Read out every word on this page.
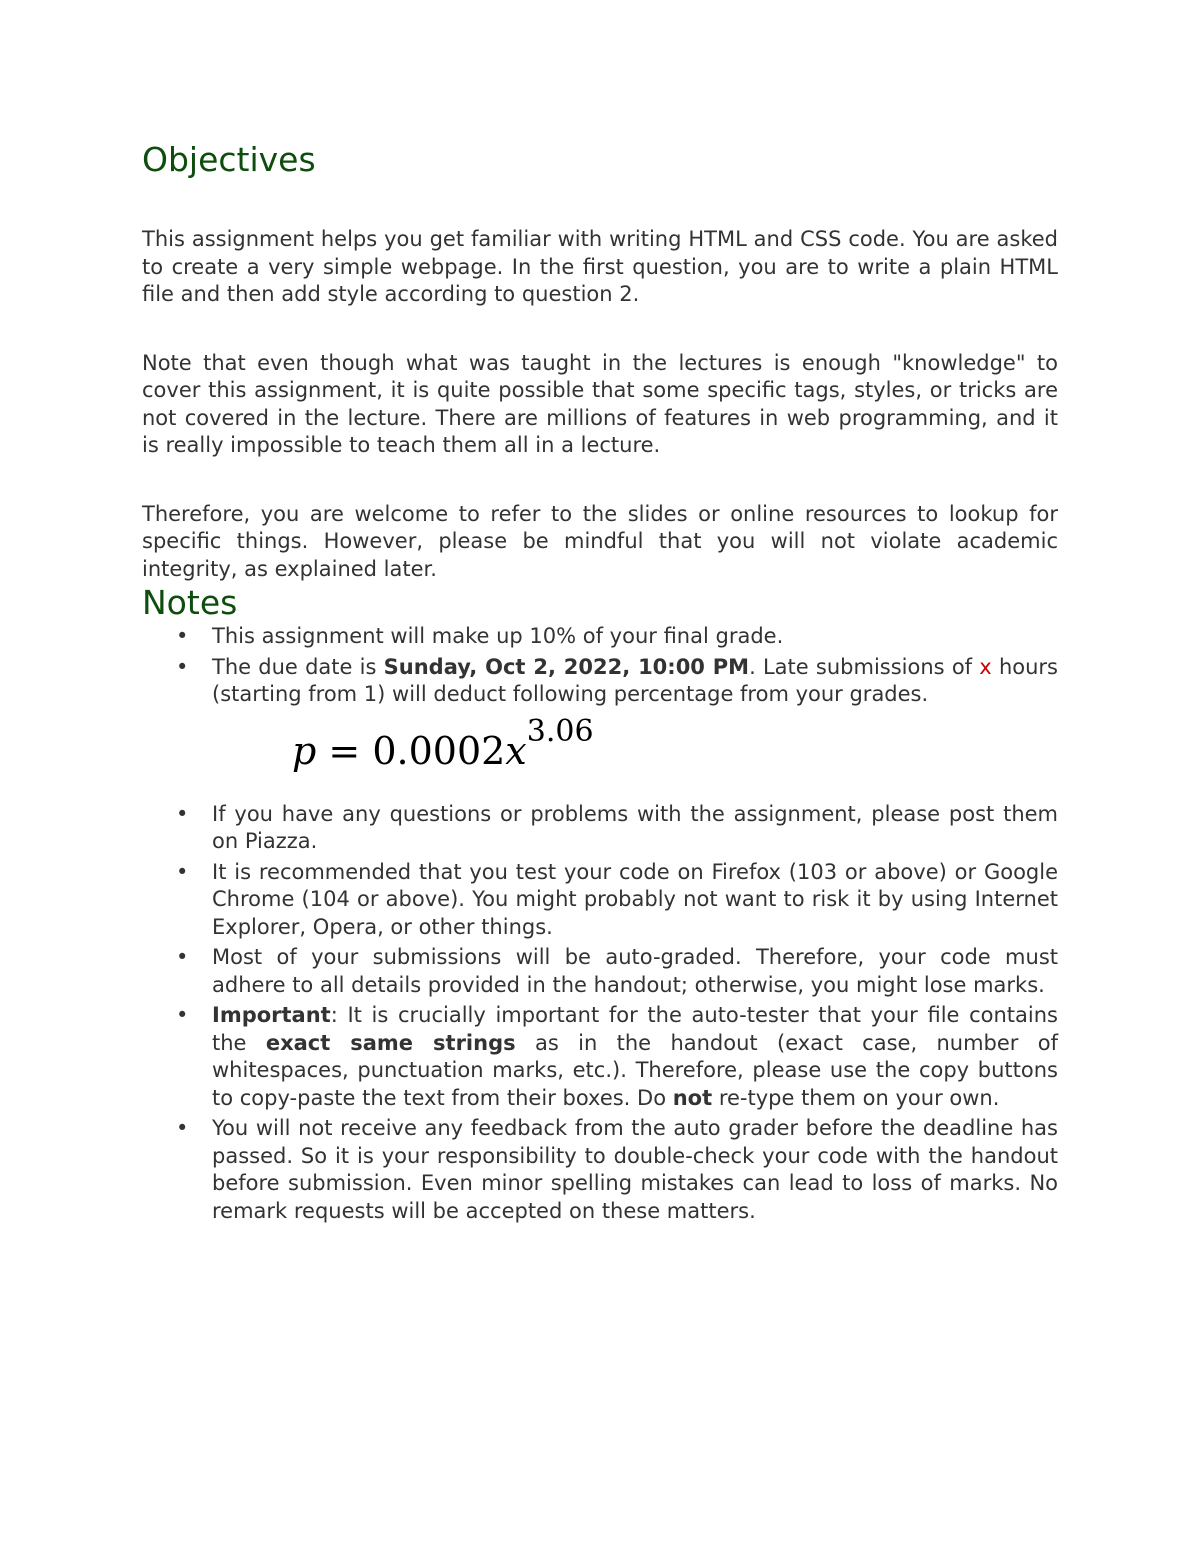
Objectives

This assignment helps you get familiar with writing HTML and CSS code. You are asked to create a very simple webpage. In the first question, you are to write a plain HTML file and then add style according to question 2.

Note that even though what was taught in the lectures is enough "knowledge" to cover this assignment, it is quite possible that some specific tags, styles, or tricks are not covered in the lecture. There are millions of features in web programming, and it is really impossible to teach them all in a lecture.

Therefore, you are welcome to refer to the slides or online resources to lookup for specific things. However, please be mindful that you will not violate academic integrity, as explained later.

Notes
• This assignment will make up 10% of your final grade.
• The due date is Sunday, Oct 2, 2022, 10:00 PM. Late submissions of x hours (starting from 1) will deduct following percentage from your grades.
$p = 0.0002x^{3.06}$
• If you have any questions or problems with the assignment, please post them on Piazza.
• It is recommended that you test your code on Firefox (103 or above) or Google Chrome (104 or above). You might probably not want to risk it by using Internet Explorer, Opera, or other things.
• Most of your submissions will be auto-graded. Therefore, your code must adhere to all details provided in the handout; otherwise, you might lose marks.
• Important: It is crucially important for the auto-tester that your file contains the exact same strings as in the handout (exact case, number of whitespaces, punctuation marks, etc.). Therefore, please use the copy buttons to copy-paste the text from their boxes. Do not re-type them on your own.
• You will not receive any feedback from the auto grader before the deadline has passed. So it is your responsibility to double-check your code with the handout before submission. Even minor spelling mistakes can lead to loss of marks. No remark requests will be accepted on these matters.
